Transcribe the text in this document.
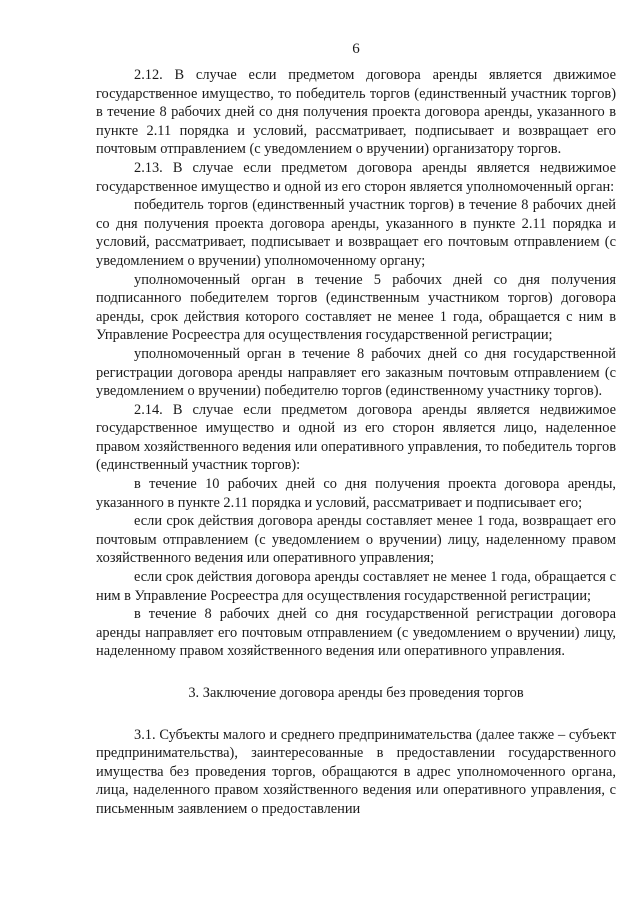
6

2.12. В случае если предметом договора аренды является движимое государственное имущество, то победитель торгов (единственный участник торгов) в течение 8 рабочих дней со дня получения проекта договора аренды, указанного в пункте 2.11 порядка и условий, рассматривает, подписывает и возвращает его почтовым отправлением (с уведомлением о вручении) организатору торгов.

2.13. В случае если предметом договора аренды является недвижимое государственное имущество и одной из его сторон является уполномоченный орган:

победитель торгов (единственный участник торгов) в течение 8 рабочих дней со дня получения проекта договора аренды, указанного в пункте 2.11 порядка и условий, рассматривает, подписывает и возвращает его почтовым отправлением (с уведомлением о вручении) уполномоченному органу;

уполномоченный орган в течение 5 рабочих дней со дня получения подписанного победителем торгов (единственным участником торгов) договора аренды, срок действия которого составляет не менее 1 года, обращается с ним в Управление Росреестра для осуществления государственной регистрации;

уполномоченный орган в течение 8 рабочих дней со дня государственной регистрации договора аренды направляет его заказным почтовым отправлением (с уведомлением о вручении) победителю торгов (единственному участнику торгов).

2.14. В случае если предметом договора аренды является недвижимое государственное имущество и одной из его сторон является лицо, наделенное правом хозяйственного ведения или оперативного управления, то победитель торгов (единственный участник торгов):

в течение 10 рабочих дней со дня получения проекта договора аренды, указанного в пункте 2.11 порядка и условий, рассматривает и подписывает его;

если срок действия договора аренды составляет менее 1 года, возвращает его почтовым отправлением (с уведомлением о вручении) лицу, наделенному правом хозяйственного ведения или оперативного управления;

если срок действия договора аренды составляет не менее 1 года, обращается с ним в Управление Росреестра для осуществления государственной регистрации;

в течение 8 рабочих дней со дня государственной регистрации договора аренды направляет его почтовым отправлением (с уведомлением о вручении) лицу, наделенному правом хозяйственного ведения или оперативного управления.

3. Заключение договора аренды без проведения торгов

3.1. Субъекты малого и среднего предпринимательства (далее также – субъект предпринимательства), заинтересованные в предоставлении государственного имущества без проведения торгов, обращаются в адрес уполномоченного органа, лица, наделенного правом хозяйственного ведения или оперативного управления, с письменным заявлением о предоставлении
